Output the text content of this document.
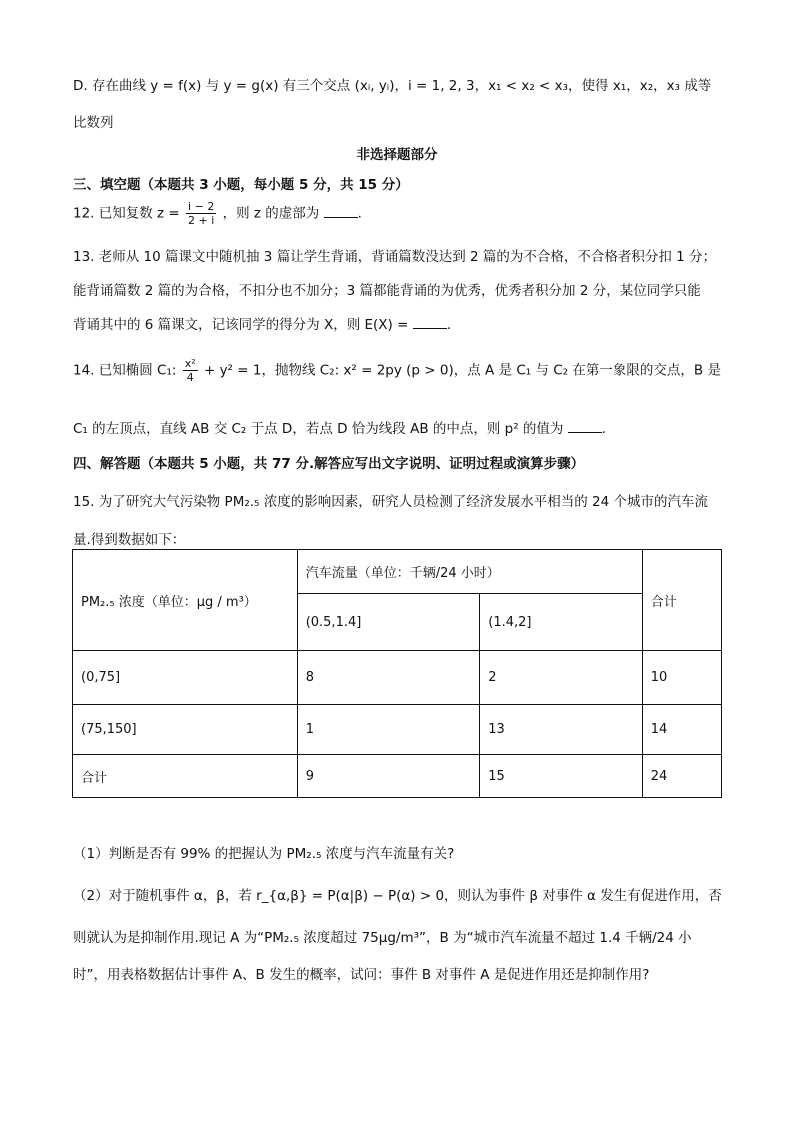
D. 存在曲线 y = f(x) 与 y = g(x) 有三个交点 (xᵢ, yᵢ)，i = 1, 2, 3，x₁ < x₂ < x₃，使得 x₁，x₂，x₃ 成等
比数列
非选择题部分
三、填空题（本题共 3 小题，每小题 5 分，共 15 分）
12. 已知复数 $z = \frac{i - 2}{2 + i}$ ，则 z 的虚部为	.
13. 老师从 10 篇课文中随机抽 3 篇让学生背诵，背诵篇数没达到 2 篇的为不合格，不合格者积分扣 1 分；
能背诵篇数 2 篇的为合格，不扣分也不加分；3 篇都能背诵的为优秀，优秀者积分加 2 分，某位同学只能
背诵其中的 6 篇课文，记该同学的得分为 X，则 E(X) =	.
14. 已知椭圆 C₁: $\frac{\text{x²}}{4} + y^2 = 1$，抛物线 C₂: x² = 2py (p > 0)，点 A 是 C₁ 与 C₂ 在第一象限的交点，B 是
C₁ 的左顶点，直线 AB 交 C₂ 于点 D，若点 D 恰为线段 AB 的中点，则 p² 的值为	.
四、解答题（本题共 5 小题，共 77 分.解答应写出文字说明、证明过程或演算步骤）
15. 为了研究大气污染物 PM₂.₅ 浓度的影响因素，研究人员检测了经济发展水平相当的 24 个城市的汽车流
量.得到数据如下：
PM₂.₅ 浓度（单位：μg / m³）	汽车流量（单位：千辆/24 小时）		合计
	(0.5,1.4]	(1.4,2]	
(0,75]	8	2	10
(75,150]	1	13	14
合计	9	15	24
（1）判断是否有 99% 的把握认为 PM₂.₅ 浓度与汽车流量有关?
（2）对于随机事件 α，β，若 r_{α,β} = P(α|β) − P(α) > 0，则认为事件 β 对事件 α 发生有促进作用，否
则就认为是抑制作用.现记 A 为“PM₂.₅ 浓度超过 75μg/m³”，B 为“城市汽车流量不超过 1.4 千辆/24 小
时”，用表格数据估计事件 A、B 发生的概率，试问：事件 B 对事件 A 是促进作用还是抑制作用?
